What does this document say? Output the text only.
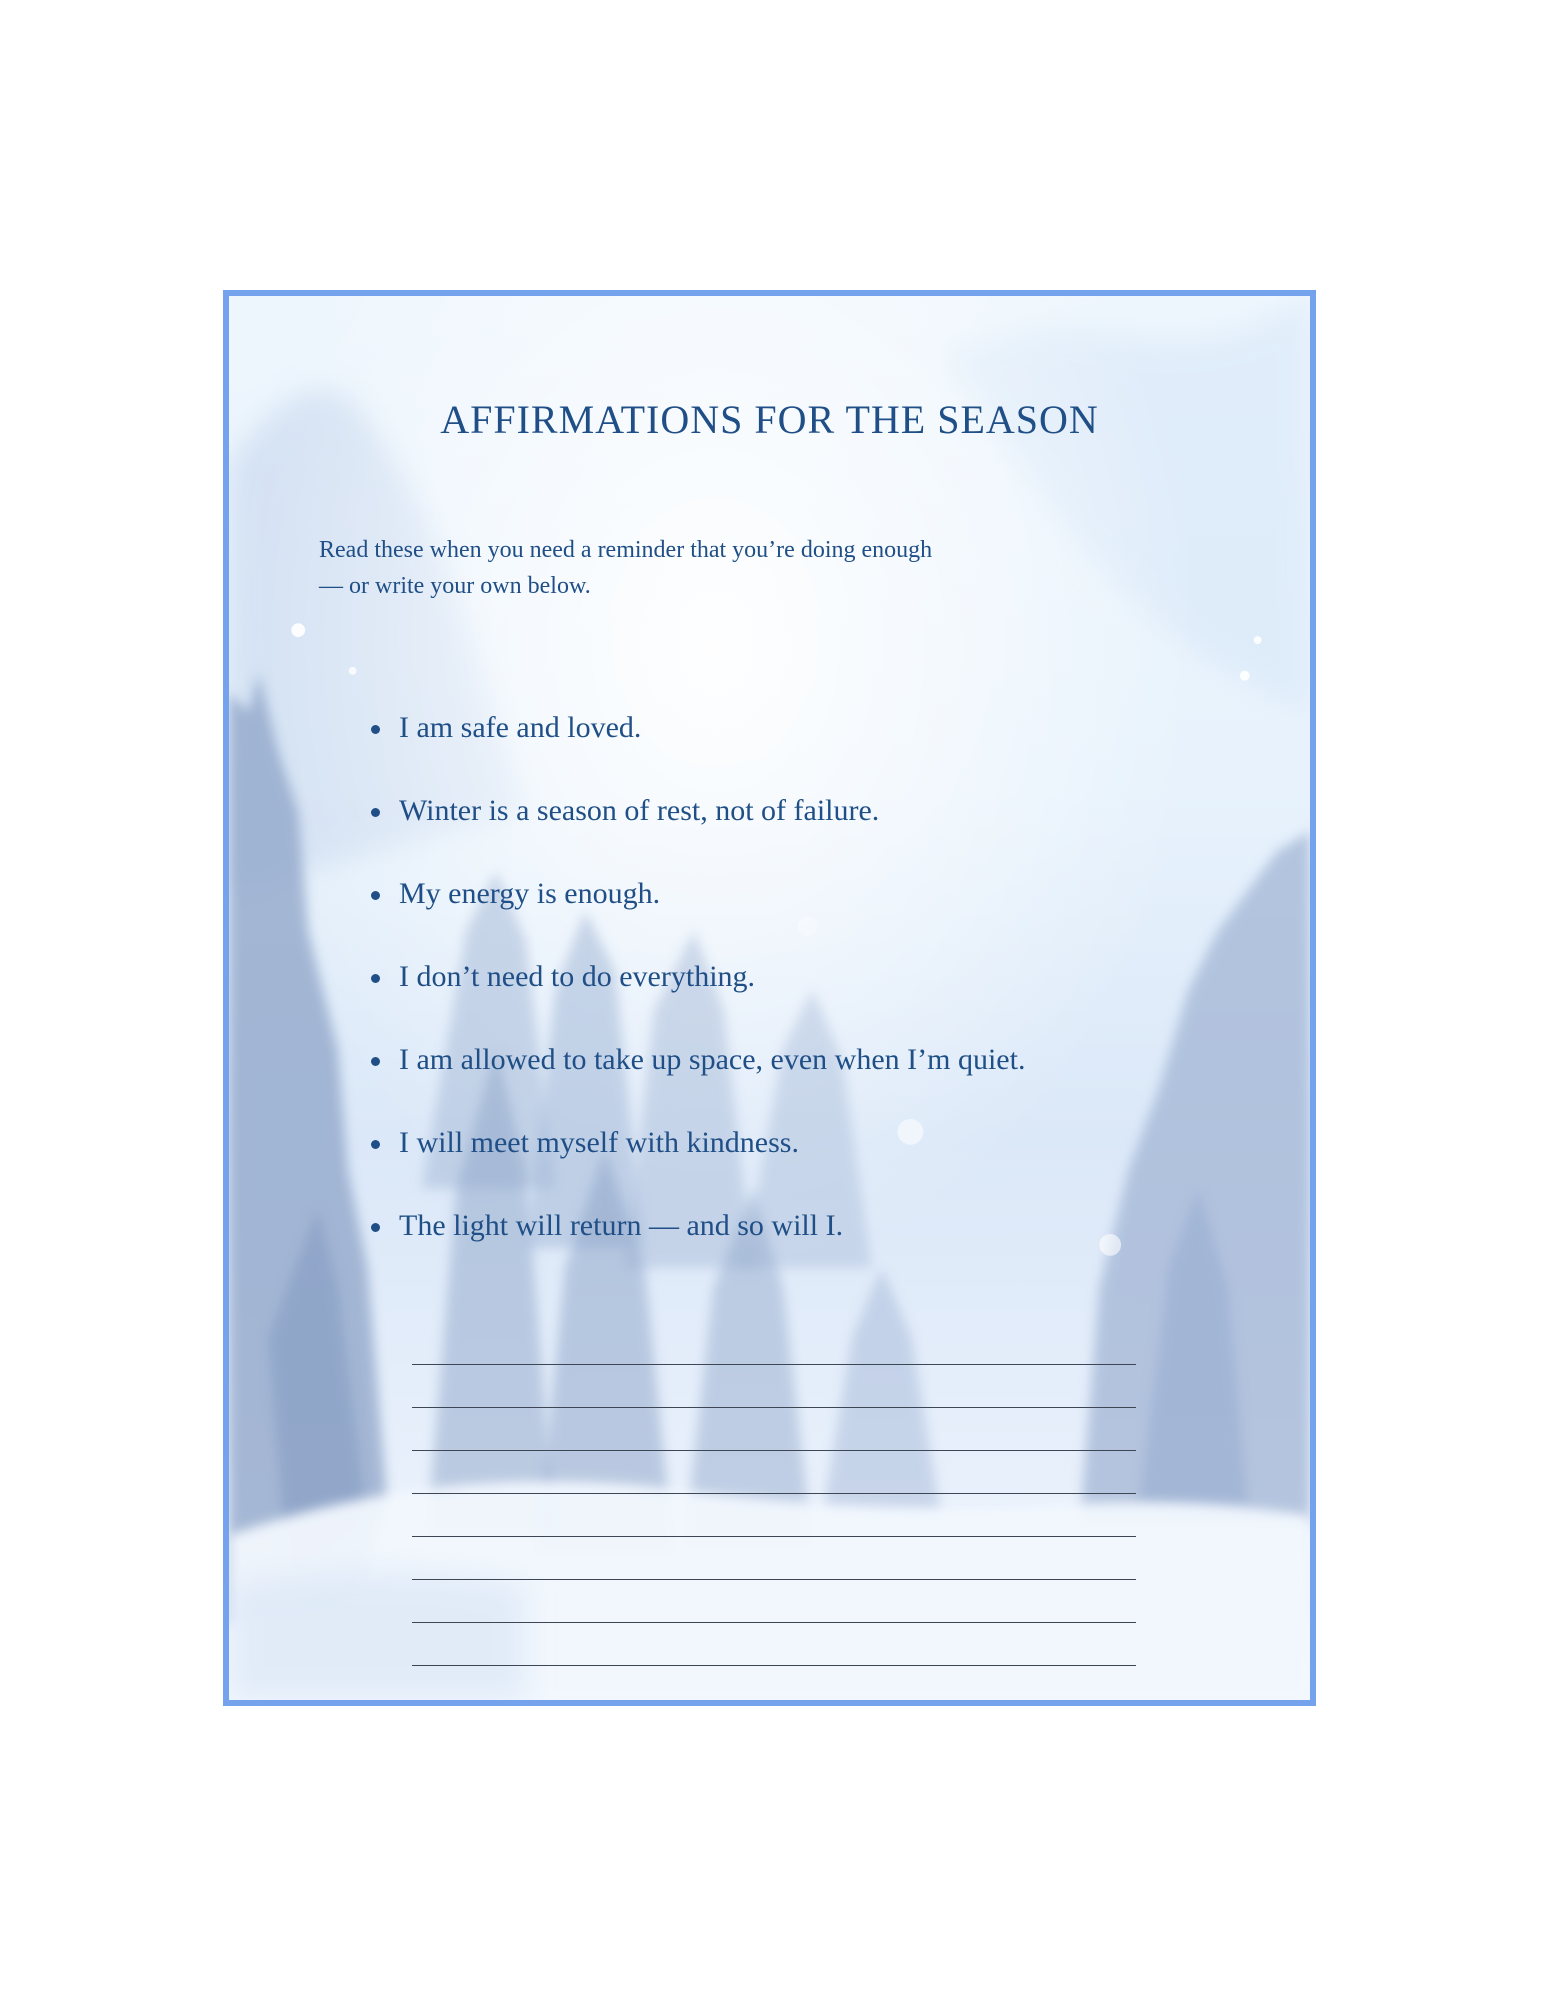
AFFIRMATIONS FOR THE SEASON

Read these when you need a reminder that you’re doing enough — or write your own below.

I am safe and loved.
Winter is a season of rest, not of failure.
My energy is enough.
I don’t need to do everything.
I am allowed to take up space, even when I’m quiet.
I will meet myself with kindness.
The light will return — and so will I.
